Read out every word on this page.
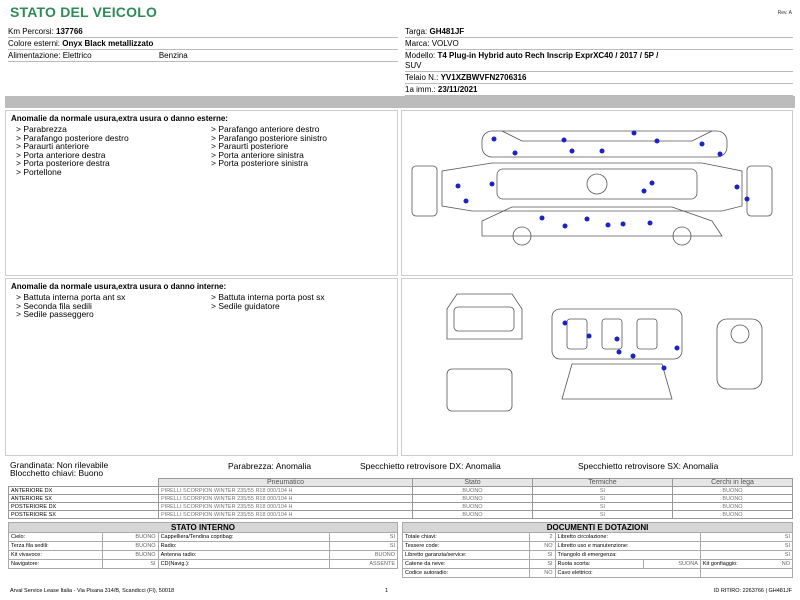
STATO DEL VEICOLO	Rev. A
Km Percorsi: 137766
Colore esterni: Onyx Black metallizzato
Alimentazione: Elettrico	Benzina
Targa: GH481JF
Marca: VOLVO
Modello: T4 Plug-in Hybrid auto Rech Inscrip ExprXC40 / 2017 / 5P /
SUV
Telaio N.: YV1XZBWVFN2706316
1a imm.: 23/11/2021
Anomalie da normale usura,extra usura o danno esterne:
> Parabrezza
> Parafango posteriore destro
> Paraurti anteriore
> Porta anteriore destra
> Porta posteriore destra
> Portellone
> Parafango anteriore destro
> Parafango posteriore sinistro
> Paraurti posteriore
> Porta anteriore sinistra
> Porta posteriore sinistra
Anomalie da normale usura,extra usura o danno interne:
> Battuta interna porta ant sx
> Seconda fila sedili
> Sedile passeggero
> Battuta interna porta post sx
> Sedile guidatore
Grandinata: Non rilevabile
Blocchetto chiavi: Buono
Parabrezza: Anomalia	Specchietto retrovisore DX: Anomalia	Specchietto retrovisore SX: Anomalia
	Pneumatico	Stato	Termiche	Cerchi in lega
ANTERIORE DX	PIRELLI SCORPION WINTER 235/55 R18 000/104 H	BUONO	SI	BUONO
ANTERIORE SX	PIRELLI SCORPION WINTER 235/55 R18 000/104 H	BUONO	SI	BUONO
POSTERIORE DX	PIRELLI SCORPION WINTER 235/55 R18 000/104 H	BUONO	SI	BUONO
POSTERIORE SX	PIRELLI SCORPION WINTER 235/55 R18 000/104 H	BUONO	SI	BUONO
STATO INTERNO			
Cielo:	BUONO	Cappelliera/Tendina copribag:	SI
Terza fila sedili:	BUONO	Radio:	SI
Kit vivavoce:	BUONO	Antenna radio:	BUONO
Navigatore:	SI	CD(Navig.):	ASSENTE
DOCUMENTI E DOTAZIONI				
Totale chiavi:	2	Libretto circolazione:		SI
Tessere code:	NO	Libretto uso e manutenzione:		SI
Libretto garanzia/service:	SI	Triangolo di emergenza:		SI
Catene da neve:	SI	Ruota scorta:	SUONA	Kit gonfiaggio: NO

Codice autoradio:	NO	Cavo elettrico:		
Arval Service Lease Italia - Via Pisana 314/B, Scandicci (FI), 50018	1	ID RITIRO: 2263766 | GH481JF
